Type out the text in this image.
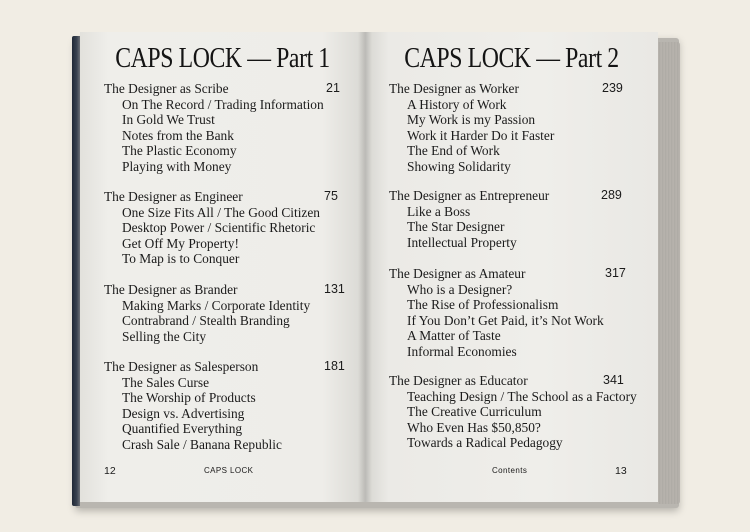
CAPS LOCK — Part 1
The Designer as Scribe	21
On The Record / Trading Information
In Gold We Trust
Notes from the Bank
The Plastic Economy
Playing with Money
The Designer as Engineer	75
One Size Fits All / The Good Citizen
Desktop Power / Scientific Rhetoric
Get Off My Property!
To Map is to Conquer
The Designer as Brander	131
Making Marks / Corporate Identity
Contrabrand / Stealth Branding
Selling the City
The Designer as Salesperson	181
The Sales Curse
The Worship of Products
Design vs. Advertising
Quantified Everything
Crash Sale / Banana Republic
12	CAPS LOCK
CAPS LOCK — Part 2
The Designer as Worker	239
A History of Work
My Work is my Passion
Work it Harder Do it Faster
The End of Work
Showing Solidarity
The Designer as Entrepreneur	289
Like a Boss
The Star Designer
Intellectual Property
The Designer as Amateur	317
Who is a Designer?
The Rise of Professionalism
If You Don’t Get Paid, it’s Not Work
A Matter of Taste
Informal Economies
The Designer as Educator	341
Teaching Design / The School as a Factory
The Creative Curriculum
Who Even Has $50,850?
Towards a Radical Pedagogy
Contents	13
